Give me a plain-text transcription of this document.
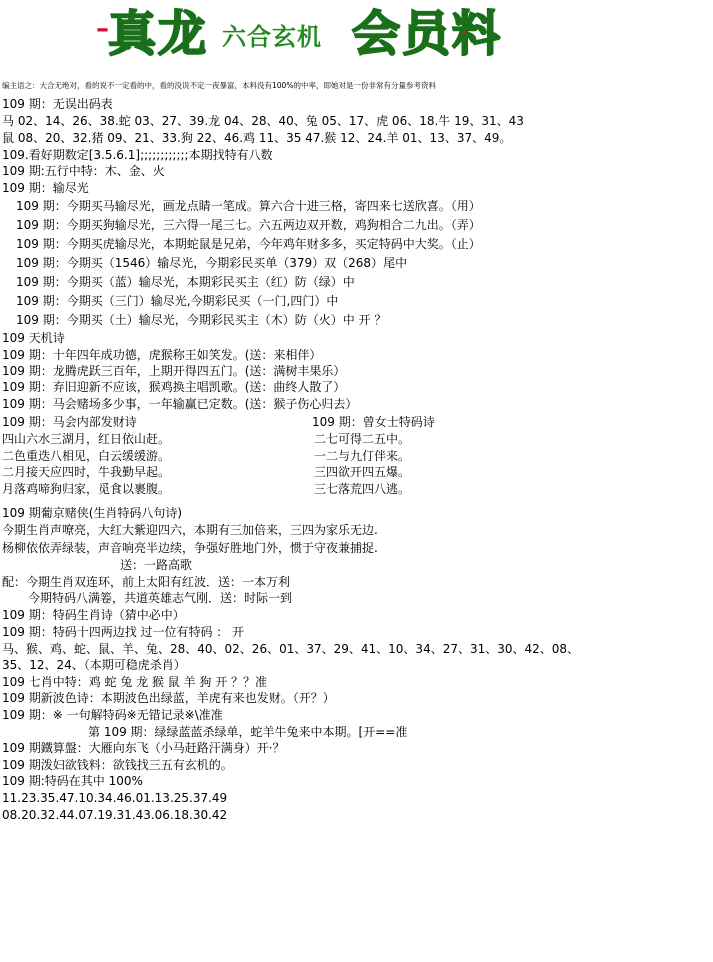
– 真龙 六合玄机 会员料
编主语之：大合无绝对，看的说不一定看的中，看的没说不定一夜暴富，本料没有100%的中率，即她对是一份非常有分量参考资料
109 期：无误出码表
马 02、14、26、38.蛇 03、27、39.龙 04、28、40、兔 05、17、虎 06、18.牛 19、31、43
鼠 08、20、32.猪 09、21、33.狗 22、46.鸡 11、35 47.猴 12、24.羊 01、13、37、49。
109.看好期数定[3.5.6.1];;;;;;;;;;;;本期找特有八数
109 期:五行中特：木、金、火
109 期：输尽光
109 期：今期买马输尽光，画龙点睛一笔成。算六合十进三格，寄四来七送欣喜。（用）
109 期：今期买狗输尽光，三六得一尾三七。六五两边双开数，鸡狗相合二九出。（弄）
109 期：今期买虎输尽光，本期蛇鼠是兄弟，今年鸡年财多多，买定特码中大奖。（止）
109 期：今期买（1546）输尽光，今期彩民买单（379）双（268）尾中
109 期：今期买（蓝）输尽光，本期彩民买主（红）防（绿）中
109 期：今期买（三门）输尽光,今期彩民买（一门,四门）中
109 期：今期买（土）输尽光，今期彩民买主（木）防（火）中 开 ？
109 天机诗
109 期：十年四年成功德，虎猴称王如笑发。(送：来相伴）
109 期：龙腾虎跃三百年，上期开得四五门。(送：满树丰果乐）
109 期：弃旧迎新不应该，猴鸡换主唱凯歌。(送：曲终人散了）
109 期：马会赌场多少事，一年输赢已定数。(送：猴子伤心归去）
109 期：马会内部发财诗
四山六水三湖月，红日依山赶。
二色重迭八相见，白云缓缓游。
二月接天应四时，牛我勤早起。
月落鸡啼狗归家，觅食以裹腹。
109 期：曾女士特码诗
二七可得二五中。
一二与九仃伴来。
三四欲开四五爆。
三七落荒四八逃。
109 期葡京赌侠(生肖特码八句诗)
今期生肖声嘹亮，大红大紫迎四六，本期有三加倍来，三四为家乐无边.
杨柳依依弄绿装，声音响亮半边续，争强好胜地门外，惯于守夜兼捕捉.
送：一路高歌
配：今期生肖双连环，前上太阳有红波．送：一本万利
今期特码八满箞，共道英雄志气刚．送：时际一到
109 期：特码生肖诗（猜中必中）
109 期：特码十四两边找 过一位有特码 ： 开
马、猴、鸡、蛇、鼠、羊、兔、28、40、02、26、01、37、29、41、10、34、27、31、30、42、08、
35、12、24、（本期可稳虎杀肖）
109 七肖中特：鸡 蛇 兔 龙 猴 鼠 羊 狗 开 ？？准
109 期新波色诗：本期波色出绿蓝，羊虎有来也发财。（开？）
109 期：※ 一句解特码※无错记录※\准准
第 109 期：绿绿蓝蓝杀绿单，蛇羊牛兔来中本期。[开==准
109 期鐵算盤：大雁向东飞（小马赶路汗满身）开·？
109 期泼妇欲钱料：欲钱找三五有玄机的。
109 期:特码在其中 100%
11.23.35.47.10.34.46.01.13.25.37.49
08.20.32.44.07.19.31.43.06.18.30.42
